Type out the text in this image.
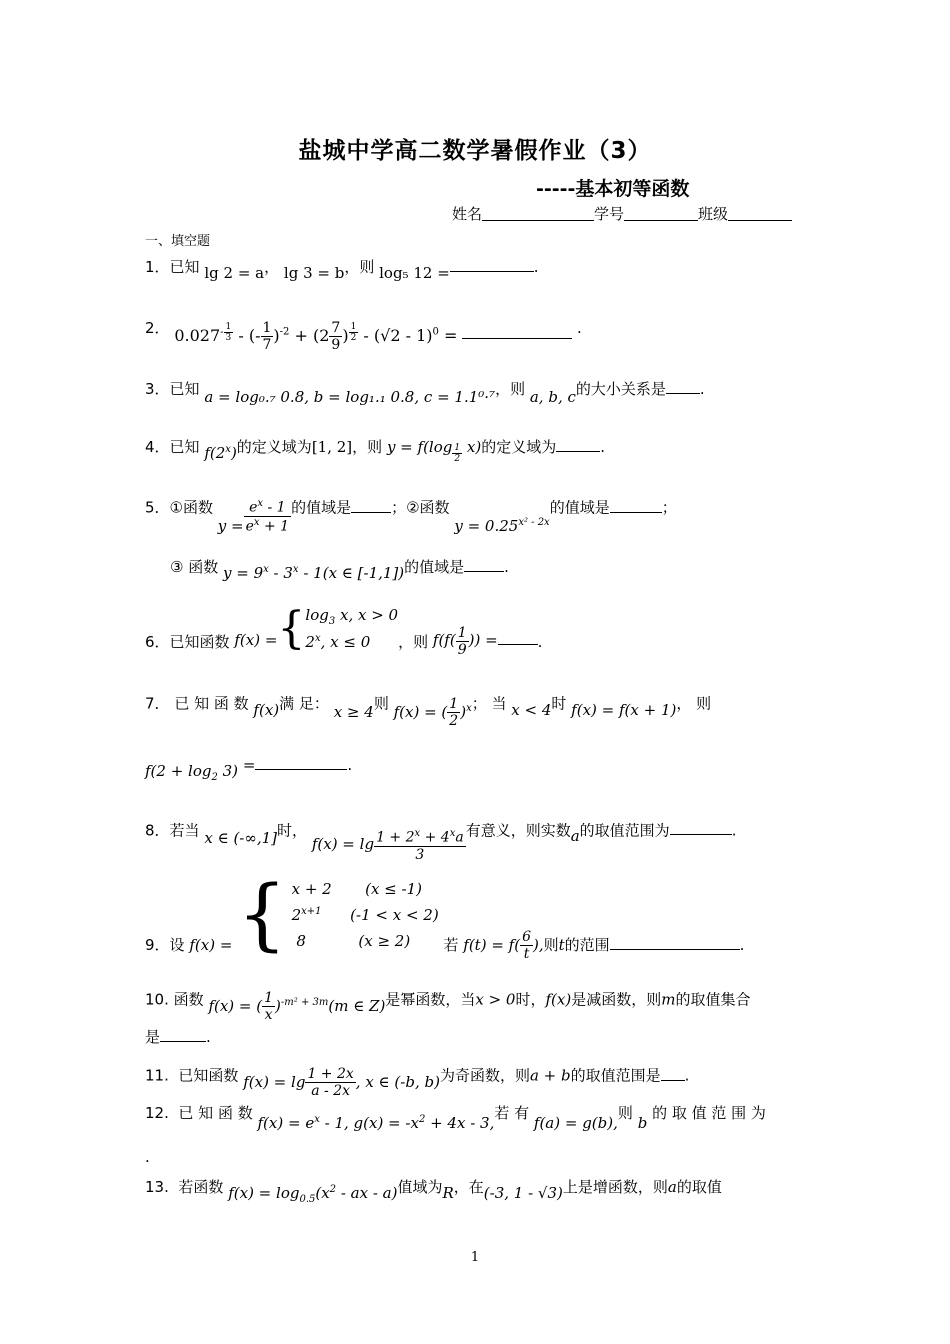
盐城中学高二数学暑假作业（3）
-----基本初等函数
姓名	学号	班级
一、填空题
1．已知 lg 2 = a， lg 3 = b，则 log₅ 12 =	.
2． $0.027^{- \frac{1}{3}}$ - (- $\frac{1}{7} )^{-2} + (2 \frac{7}{9}$ ) $^{\frac{1}{2}}$ - (√2 - 1)$^0$ =	.
3．已知 a = log₀.₇ 0.8, b = log₁.₁ 0.8, c = 1.1⁰·⁷，则 a, b, c的大小关系是 .
4．已知 f(2$^x$)的定义域为[1, 2]，则 y = f(log $_{\frac{1}{2}}$ x)的定义域为	.
5．①函数 $y = \frac{e^x - 1}{e^x + 1}$ 的值域是	；②函数 $y = 0.25^{x^2 - 2x}$的值域是	；
③ 函数 $y = 9^x - 3^x - 1(x$ ∈ [-1,1])的值域是	.
6．已知函数 f(x) ={ $\log_3 x$, x > 0
2$^x$, x ≤ 0	，则 $f(f( \frac{1}{9}$ )) =	.
7． 已 知 函 数 f(x)满 足： x ≥ 4则 f(x) = ( $\frac{1}{2} )^x$； 当 x < 4时 f(x) = f(x + 1)， 则
$f(2 + \log_2 3)$ =	.
8．若当 x ∈ (-∞,1]时， $f(x) = \lg \frac{1 + 2^x + 4^xa}{3}$ 有意义，则实数a的取值范围为	.
9．设 f(x) = { x + 2       (x ≤ -1)
$2^{x+1}$      (-1 < x < 2)
8           (x ≥ 2)	若 $f(t) = f( \frac{6}{t}$ ),则t的范围	.
10. 函数 f(x) = ( $\frac{1}{x} )^{-m^2 + 3m}(m$ ∈ Z)是幂函数，当x > 0时，f(x)是减函数，则m的取值集合
是	.
11. 已知函数 $f(x) = \lg \frac{1 + 2x}{a - 2x}$ , x ∈ (-b, b)为奇函数，则a + b的取值范围是 .
12. 已 知 函 数 $f(x) = e^x - 1$, $g(x) = -x^2 + 4x - 3$,若 有 f(a) = g(b),则 b 的 取 值 范 围 为
.
13. 若函数 $f(x) = \log_{0.5}(x^2$ - ax - a)值域为R，在(-3, 1 - √3)上是增函数，则a的取值
1
